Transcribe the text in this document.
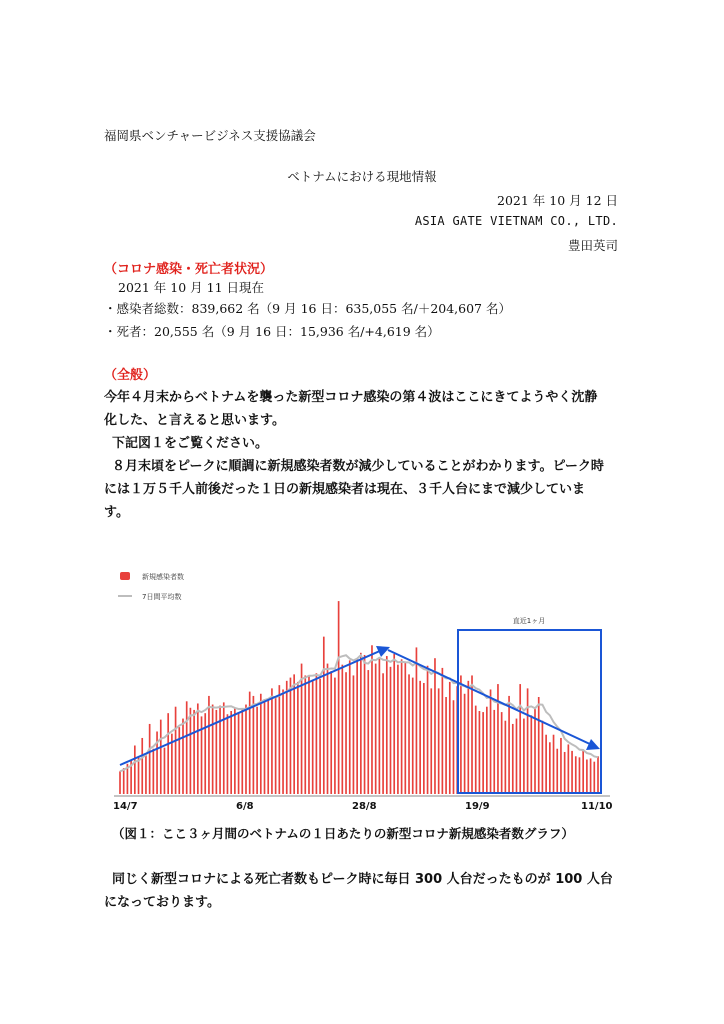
福岡県ベンチャービジネス支援協議会
ベトナムにおける現地情報
2021 年 10 月 12 日
ASIA GATE VIETNAM CO., LTD.
豊田英司
（コロナ感染・死亡者状況）
2021 年 10 月 11 日現在
・感染者総数：839,662 名（9 月 16 日：635,055 名/＋204,607 名）
・死者：20,555 名（9 月 16 日：15,936 名/+4,619 名）
（全般）
今年４月末からベトナムを襲った新型コロナ感染の第４波はここにきてようやく沈静
化した、と言えると思います。
下記図１をご覧ください。
８月末頃をピークに順調に新規感染者数が減少していることがわかります。ピーク時
には１万５千人前後だった１日の新規感染者は現在、３千人台にまで減少していま
す。
新規感染者数
7日間平均数
直近1ヶ月
14/7	6/8	28/8	19/9	11/10
（図１：ここ３ヶ月間のベトナムの１日あたりの新型コロナ新規感染者数グラフ）
同じく新型コロナによる死亡者数もピーク時に毎日 300 人台だったものが 100 人台
になっております。
